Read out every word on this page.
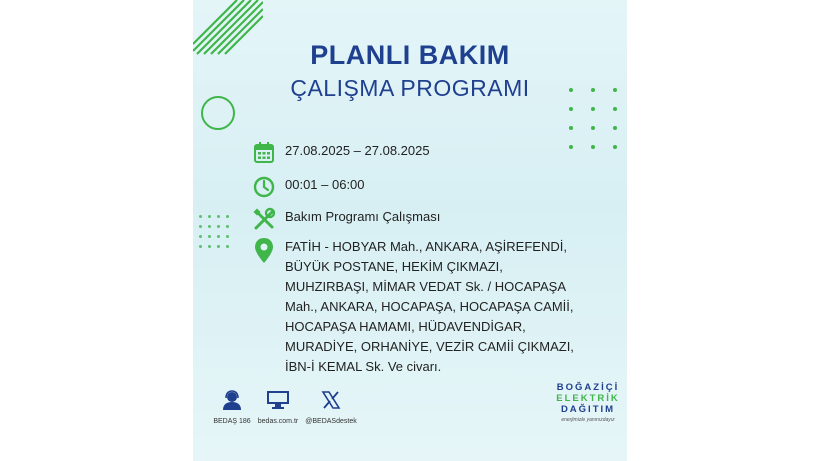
PLANLI BAKIM
ÇALIŞMA PROGRAMI
27.08.2025 – 27.08.2025
00:01 – 06:00
Bakım Programı Çalışması
FATİH - HOBYAR Mah., ANKARA, AŞİREFENDİ, BÜYÜK POSTANE, HEKİM ÇIKMAZI, MUHZIRBAŞI, MİMAR VEDAT Sk. / HOCAPAŞA Mah., ANKARA, HOCAPAŞA, HOCAPAŞA CAMİİ, HOCAPAŞA HAMAMI, HÜDAVENDİGAR, MURADİYE, ORHANİYE, VEZİR CAMİİ ÇIKMAZI, İBN-İ KEMAL Sk. Ve civarı.
BEDAŞ 186	bedas.com.tr	@BEDASdestek
BOĞAZİÇİ
ELEKTRİK
DAĞITIM
enerjimizle yanınızdayız
